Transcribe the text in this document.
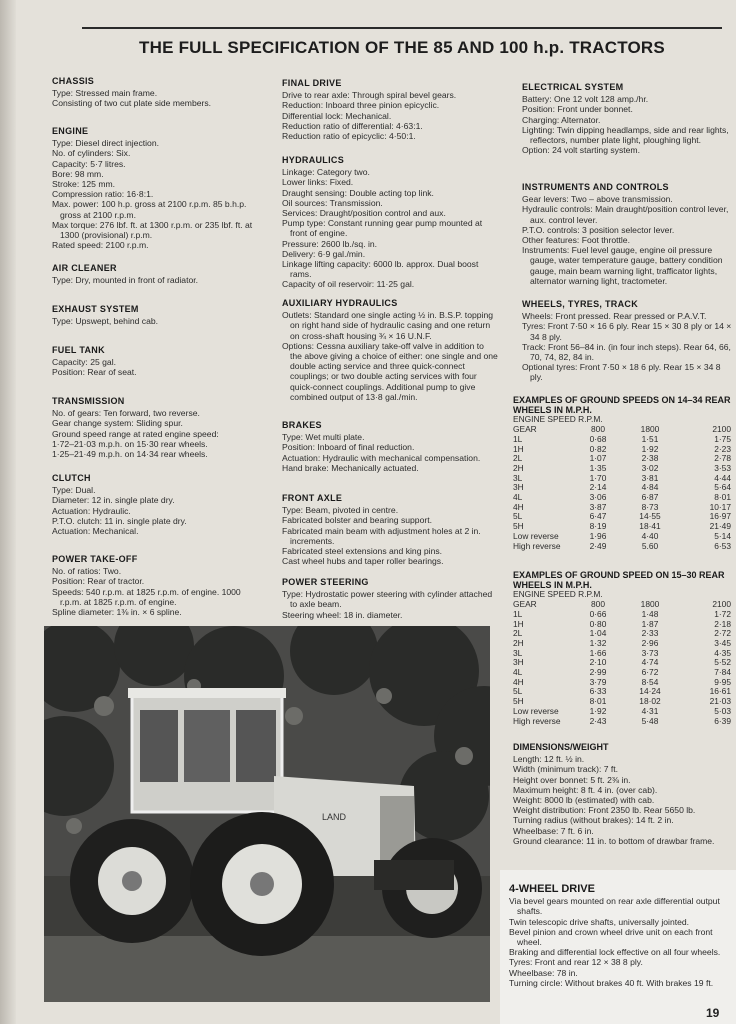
THE FULL SPECIFICATION OF THE 85 AND 100 h.p. TRACTORS
CHASSIS

Type: Stressed main frame.

Consisting of two cut plate side members.

ENGINE

Type: Diesel direct injection.

No. of cylinders: Six.

Capacity: 5·7 litres.

Bore: 98 mm.

Stroke: 125 mm.

Compression ratio: 16·8:1.

Max. power: 100 h.p. gross at 2100 r.p.m. 85 b.h.p. gross at 2100 r.p.m.

Max torque: 276 lbf. ft. at 1300 r.p.m. or 235 lbf. ft. at 1300 (provisional) r.p.m.

Rated speed: 2100 r.p.m.

AIR CLEANER

Type: Dry, mounted in front of radiator.

EXHAUST SYSTEM

Type: Upswept, behind cab.

FUEL TANK

Capacity: 25 gal.

Position: Rear of seat.

TRANSMISSION

No. of gears: Ten forward, two reverse.

Gear change system: Sliding spur.

Ground speed range at rated engine speed:

1·72–21·03 m.p.h. on 15·30 rear wheels.

1·25–21·49 m.p.h. on 14·34 rear wheels.

CLUTCH

Type: Dual.

Diameter: 12 in. single plate dry.

Actuation: Hydraulic.

P.T.O. clutch: 11 in. single plate dry.

Actuation: Mechanical.

POWER TAKE-OFF

No. of ratios: Two.

Position: Rear of tractor.

Speeds: 540 r.p.m. at 1825 r.p.m. of engine. 1000 r.p.m. at 1825 r.p.m. of engine.

Spline diameter: 1⅜ in. × 6 spline.

FINAL DRIVE

Drive to rear axle: Through spiral bevel gears.

Reduction: Inboard three pinion epicyclic.

Differential lock: Mechanical.

Reduction ratio of differential: 4·63:1.

Reduction ratio of epicyclic: 4·50:1.

HYDRAULICS

Linkage: Category two.

Lower links: Fixed.

Draught sensing: Double acting top link.

Oil sources: Transmission.

Services: Draught/position control and aux.

Pump type: Constant running gear pump mounted at front of engine.

Pressure: 2600 lb./sq. in.

Delivery: 6·9 gal./min.

Linkage lifting capacity: 6000 lb. approx. Dual boost rams.

Capacity of oil reservoir: 11·25 gal.

AUXILIARY HYDRAULICS

Outlets: Standard one single acting ½ in. B.S.P. topping on right hand side of hydraulic casing and one return on cross-shaft housing ¾ × 16 U.N.F.

Options: Cessna auxiliary take-off valve in addition to the above giving a choice of either: one single and one double acting service and three quick-connect couplings; or two double acting services with four quick-connect couplings. Additional pump to give combined output of 13·8 gal./min.

BRAKES

Type: Wet multi plate.

Position: Inboard of final reduction.

Actuation: Hydraulic with mechanical compensation.

Hand brake: Mechanically actuated.

FRONT AXLE

Type: Beam, pivoted in centre.

Fabricated bolster and bearing support.

Fabricated main beam with adjustment holes at 2 in. increments.

Fabricated steel extensions and king pins.

Cast wheel hubs and taper roller bearings.

POWER STEERING

Type: Hydrostatic power steering with cylinder attached to axle beam.

Steering wheel: 18 in. diameter.

ELECTRICAL SYSTEM

Battery: One 12 volt 128 amp./hr.

Position: Front under bonnet.

Charging: Alternator.

Lighting: Twin dipping headlamps, side and rear lights, reflectors, number plate light, ploughing light.

Option: 24 volt starting system.

INSTRUMENTS AND CONTROLS

Gear levers: Two – above transmission.

Hydraulic controls: Main draught/position control lever, aux. control lever.

P.T.O. controls: 3 position selector lever.

Other features: Foot throttle.

Instruments: Fuel level gauge, engine oil pressure gauge, water temperature gauge, battery condition gauge, main beam warning light, trafficator lights, alternator warning light, tractometer.

WHEELS, TYRES, TRACK

Wheels: Front pressed. Rear pressed or P.A.V.T.

Tyres: Front 7·50 × 16 6 ply. Rear 15 × 30 8 ply or 14 × 34 8 ply.

Track: Front 56–84 in. (in four inch steps). Rear 64, 66, 70, 74, 82, 84 in.

Optional tyres: Front 7·50 × 18 6 ply. Rear 15 × 34 8 ply.

EXAMPLES OF GROUND SPEEDS ON 14–34 REAR WHEELS IN M.P.H.
ENGINE SPEED R.P.M.
GEAR	800	1800	2100
1L	0·68	1·51	1·75
1H	0·82	1·92	2·23
2L	1·07	2·38	2·78
2H	1·35	3·02	3·53
3L	1·70	3·81	4·44
3H	2·14	4·84	5·64
4L	3·06	6·87	8·01
4H	3·87	8·73	10·17
5L	6·47	14·55	16·97
5H	8·19	18·41	21·49
Low reverse	1·96	4·40	5·14
High reverse	2·49	5.60	6·53
EXAMPLES OF GROUND SPEED ON 15–30 REAR WHEELS IN M.P.H.
ENGINE SPEED R.P.M.
GEAR	800	1800	2100
1L	0·66	1·48	1·72
1H	0·80	1·87	2·18
2L	1·04	2·33	2·72
2H	1·32	2·96	3·45
3L	1·66	3·73	4·35
3H	2·10	4·74	5·52
4L	2·99	6·72	7·84
4H	3·79	8·54	9·95
5L	6·33	14·24	16·61
5H	8·01	18·02	21·03
Low reverse	1·92	4·31	5·03
High reverse	2·43	5·48	6·39
DIMENSIONS/WEIGHT

Length: 12 ft. ½ in.

Width (minimum track): 7 ft.

Height over bonnet: 5 ft. 2⅜ in.

Maximum height: 8 ft. 4 in. (over cab).

Weight: 8000 lb (estimated) with cab.

Weight distribution: Front 2350 lb. Rear 5650 lb.

Turning radius (without brakes): 14 ft. 2 in.

Wheelbase: 7 ft. 6 in.

Ground clearance: 11 in. to bottom of drawbar frame.

4-WHEEL DRIVE

Via bevel gears mounted on rear axle differential output shafts.

Twin telescopic drive shafts, universally jointed.

Bevel pinion and crown wheel drive unit on each front wheel.

Braking and differential lock effective on all four wheels.

Tyres: Front and rear 12 × 38 8 ply.

Wheelbase: 78 in.

Turning circle: Without brakes 40 ft. With brakes 19 ft.

LAND
19
